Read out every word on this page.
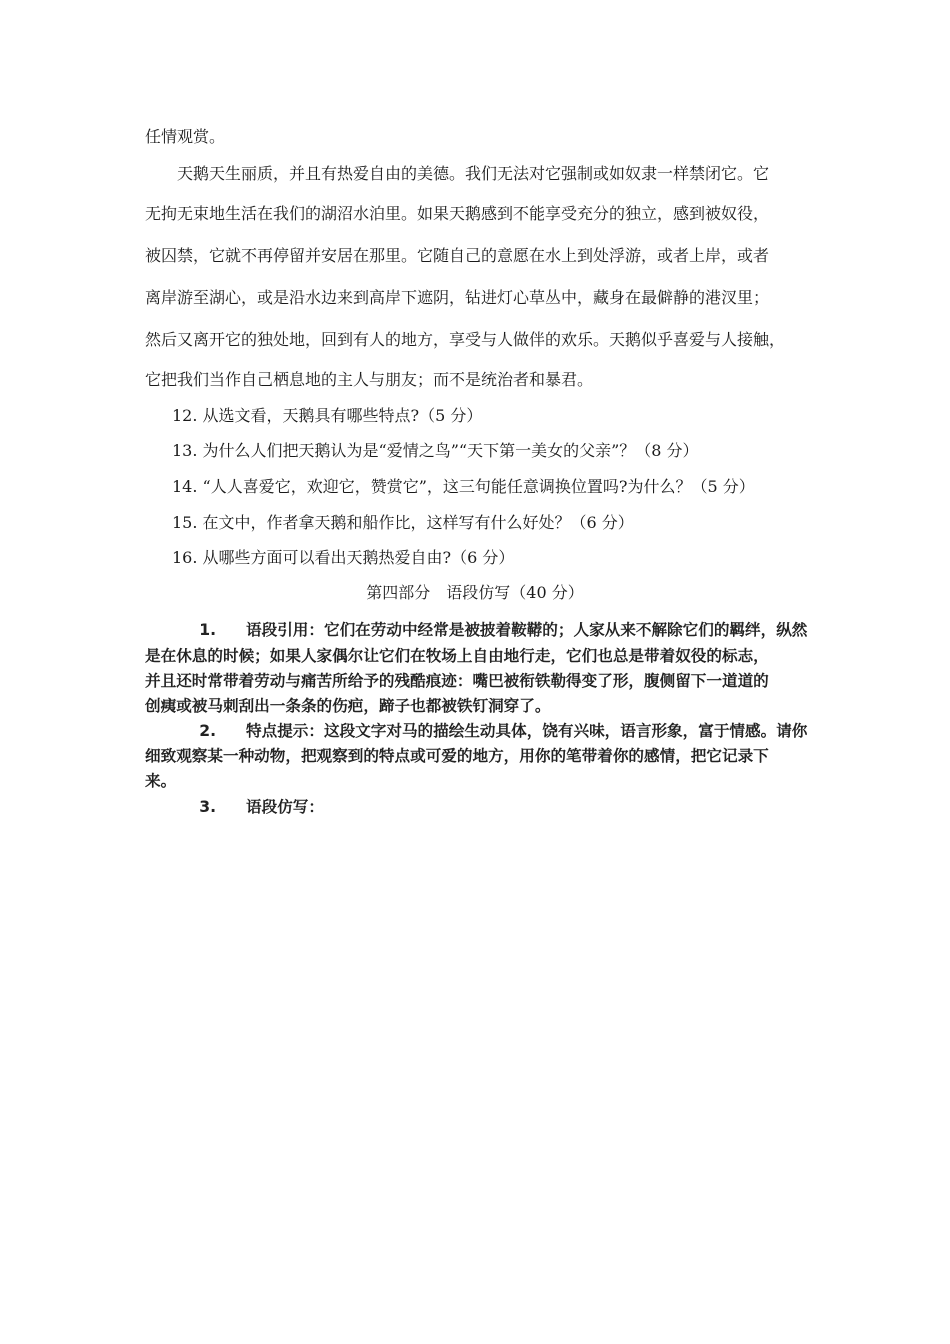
任情观赏。
天鹅天生丽质，并且有热爱自由的美德。我们无法对它强制或如奴隶一样禁闭它。它
无拘无束地生活在我们的湖沼水泊里。如果天鹅感到不能享受充分的独立，感到被奴役，
被囚禁，它就不再停留并安居在那里。它随自己的意愿在水上到处浮游，或者上岸，或者
离岸游至湖心，或是沿水边来到高岸下遮阴，钻进灯心草丛中，藏身在最僻静的港汊里；
然后又离开它的独处地，回到有人的地方，享受与人做伴的欢乐。天鹅似乎喜爱与人接触，
它把我们当作自己栖息地的主人与朋友；而不是统治者和暴君。
12. 从选文看，天鹅具有哪些特点?（5 分）
13. 为什么人们把天鹅认为是“爱情之鸟”“天下第一美女的父亲”？（8 分）
14. “人人喜爱它，欢迎它，赞赏它”，这三句能任意调换位置吗?为什么？（5 分）
15. 在文中，作者拿天鹅和船作比，这样写有什么好处？（6 分）
16. 从哪些方面可以看出天鹅热爱自由?（6 分）
第四部分　语段仿写（40 分）
1. 语段引用：它们在劳动中经常是被披着鞍鞯的；人家从来不解除它们的羁绊，纵然
是在休息的时候；如果人家偶尔让它们在牧场上自由地行走，它们也总是带着奴役的标志，
并且还时常带着劳动与痛苦所给予的残酷痕迹：嘴巴被衔铁勒得变了形，腹侧留下一道道的
创痍或被马刺刮出一条条的伤疤，蹄子也都被铁钉洞穿了。
2. 特点提示：这段文字对马的描绘生动具体，饶有兴味，语言形象，富于情感。请你
细致观察某一种动物，把观察到的特点或可爱的地方，用你的笔带着你的感情，把它记录下
来。
3. 语段仿写：
